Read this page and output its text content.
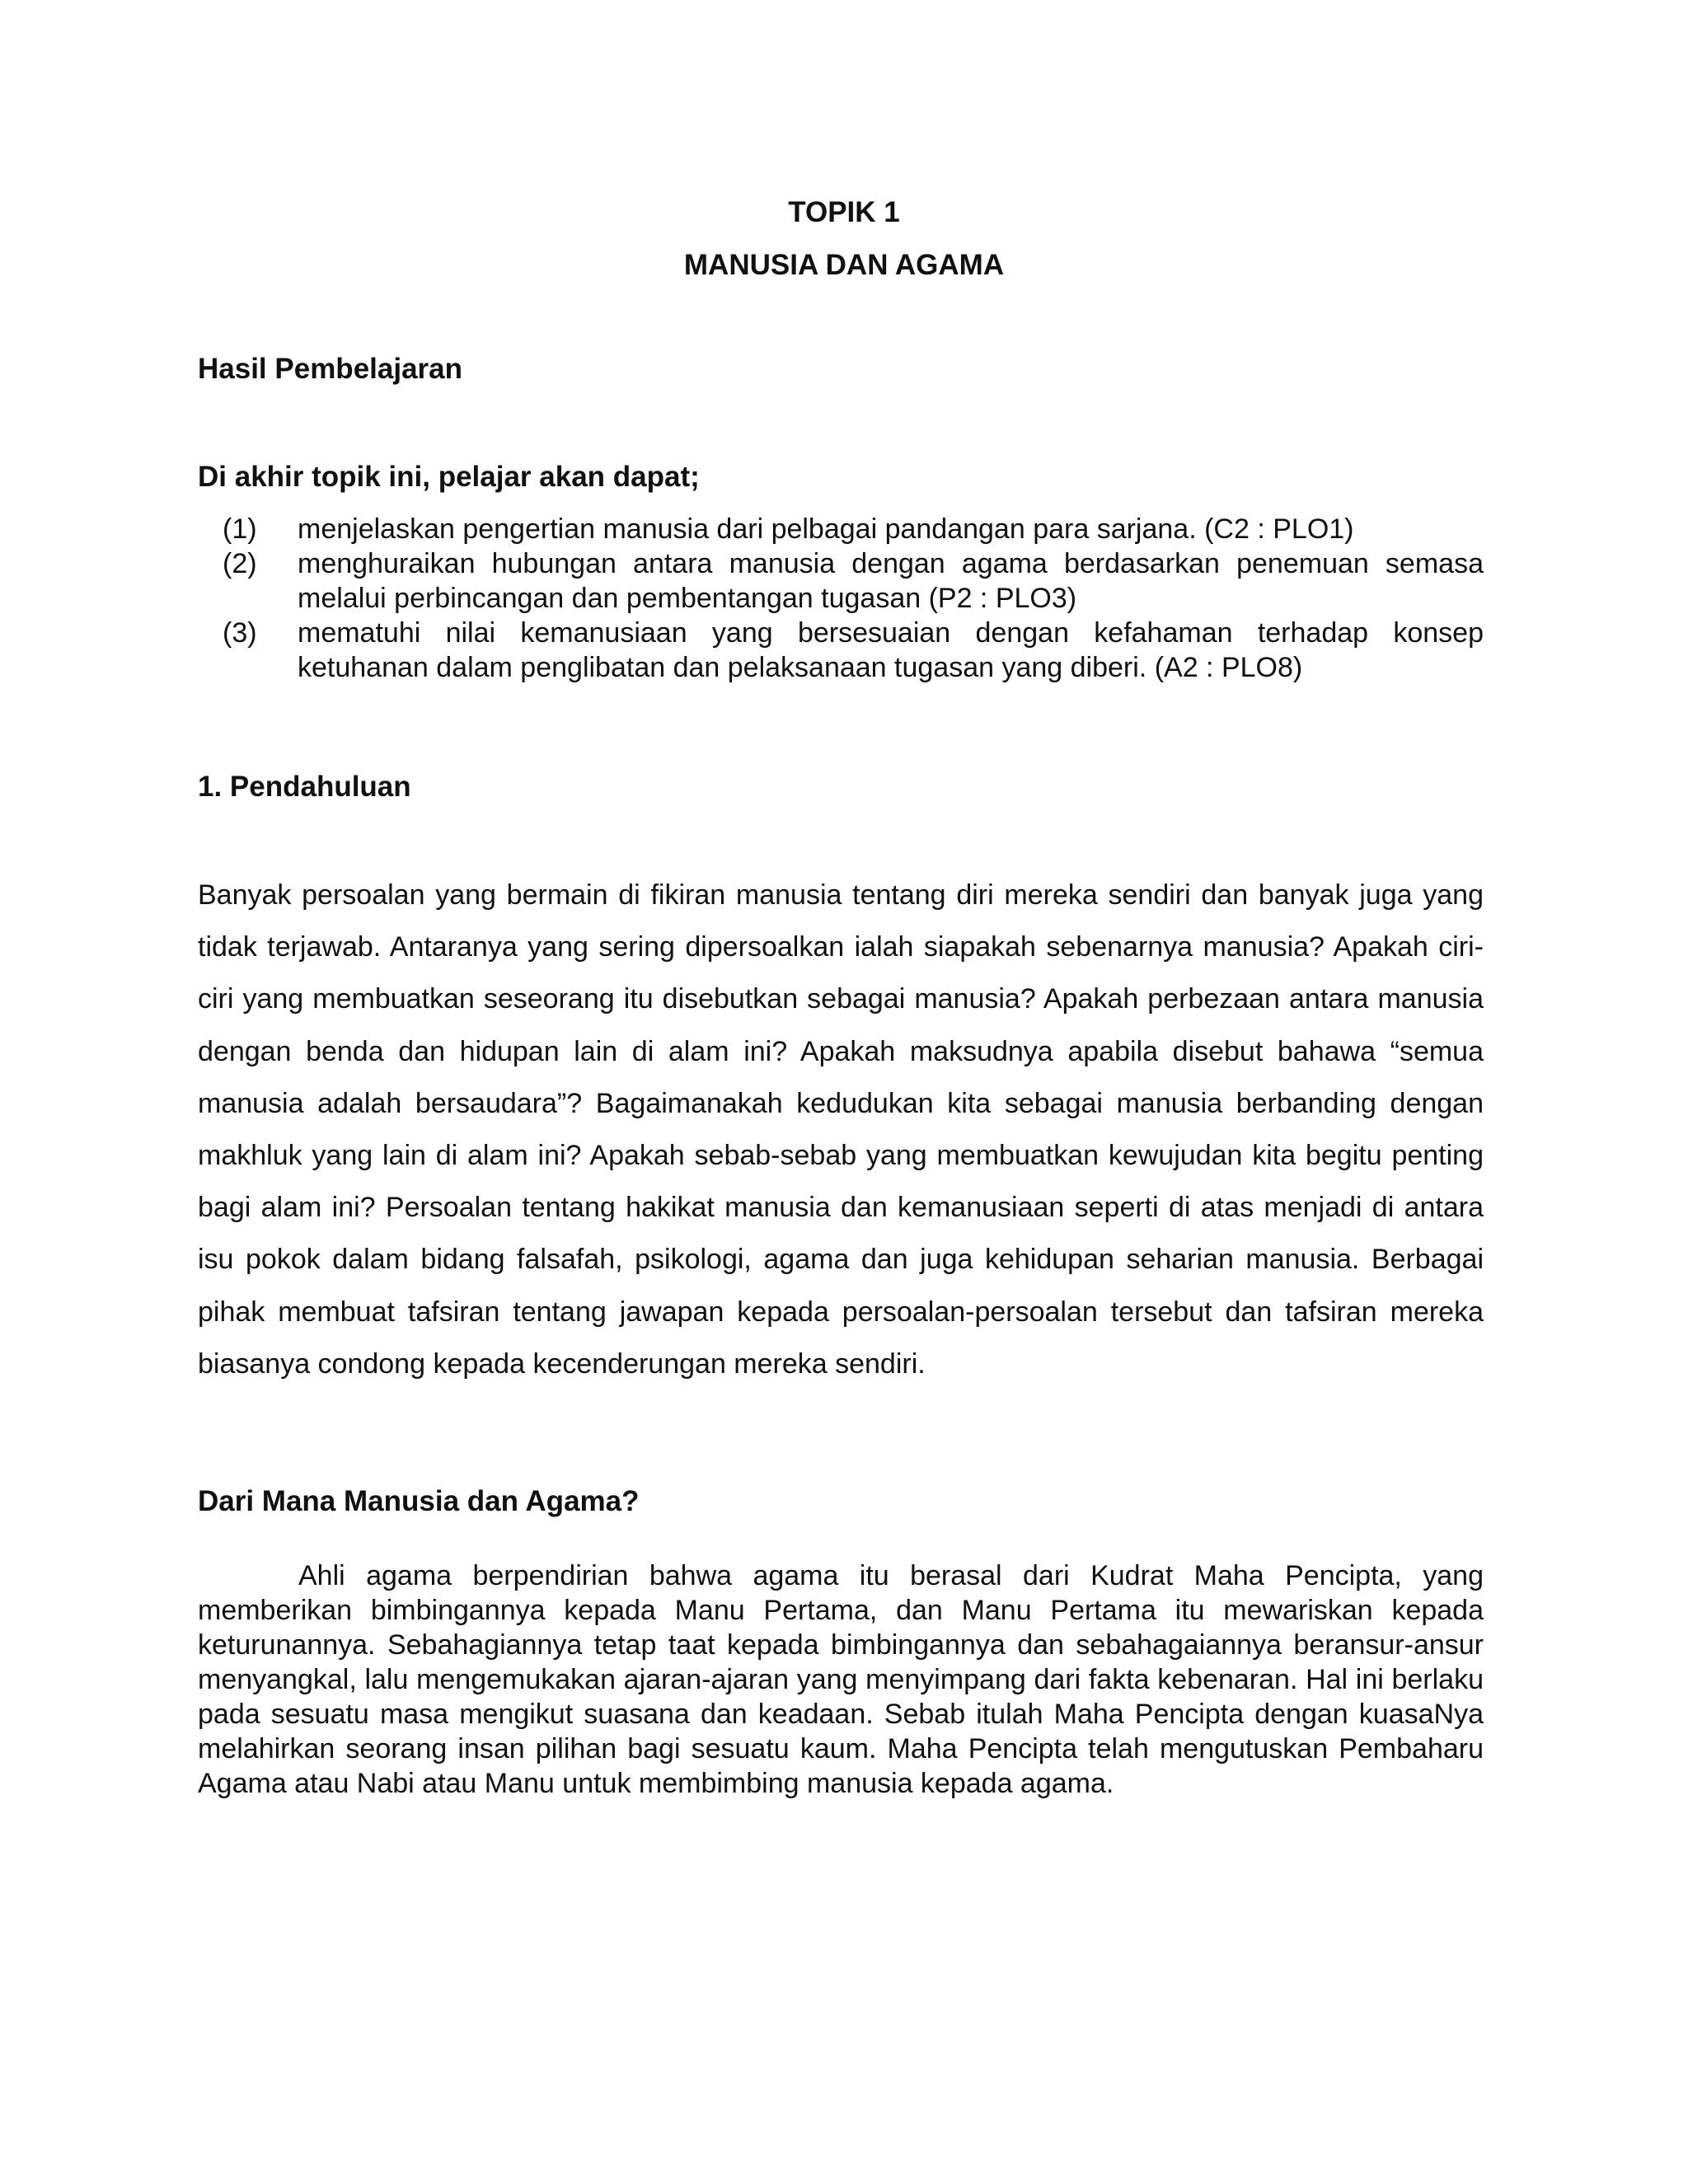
TOPIK 1
MANUSIA DAN AGAMA
Hasil Pembelajaran
Di akhir topik ini, pelajar akan dapat;
(1)	menjelaskan pengertian manusia dari pelbagai pandangan para sarjana. (C2 : PLO1)
(2)	menghuraikan hubungan antara manusia dengan agama berdasarkan penemuan semasa melalui perbincangan dan pembentangan tugasan (P2 : PLO3)
(3)	mematuhi nilai kemanusiaan yang bersesuaian dengan kefahaman terhadap konsep ketuhanan dalam penglibatan dan pelaksanaan tugasan yang diberi. (A2 : PLO8)
1. Pendahuluan

Banyak persoalan yang bermain di fikiran manusia tentang diri mereka sendiri dan banyak juga yang tidak terjawab. Antaranya yang sering dipersoalkan ialah siapakah sebenarnya manusia? Apakah ciri-ciri yang membuatkan seseorang itu disebutkan sebagai manusia? Apakah perbezaan antara manusia dengan benda dan hidupan lain di alam ini? Apakah maksudnya apabila disebut bahawa “semua manusia adalah bersaudara”? Bagaimanakah kedudukan kita sebagai manusia berbanding dengan makhluk yang lain di alam ini? Apakah sebab-sebab yang membuatkan kewujudan kita begitu penting bagi alam ini? Persoalan tentang hakikat manusia dan kemanusiaan seperti di atas menjadi di antara isu pokok dalam bidang falsafah, psikologi, agama dan juga kehidupan seharian manusia. Berbagai pihak membuat tafsiran tentang jawapan kepada persoalan-persoalan tersebut dan tafsiran mereka biasanya condong kepada kecenderungan mereka sendiri.

Dari Mana Manusia dan Agama?

Ahli agama berpendirian bahwa agama itu berasal dari Kudrat Maha Pencipta, yang memberikan bimbingannya kepada Manu Pertama, dan Manu Pertama itu mewariskan kepada keturunannya. Sebahagiannya tetap taat kepada bimbingannya dan sebahagaiannya beransur-ansur menyangkal, lalu mengemukakan ajaran-ajaran yang menyimpang dari fakta kebenaran. Hal ini berlaku pada sesuatu masa mengikut suasana dan keadaan. Sebab itulah Maha Pencipta dengan kuasaNya melahirkan seorang insan pilihan bagi sesuatu kaum. Maha Pencipta telah mengutuskan Pembaharu Agama atau Nabi atau Manu untuk membimbing manusia kepada agama.
